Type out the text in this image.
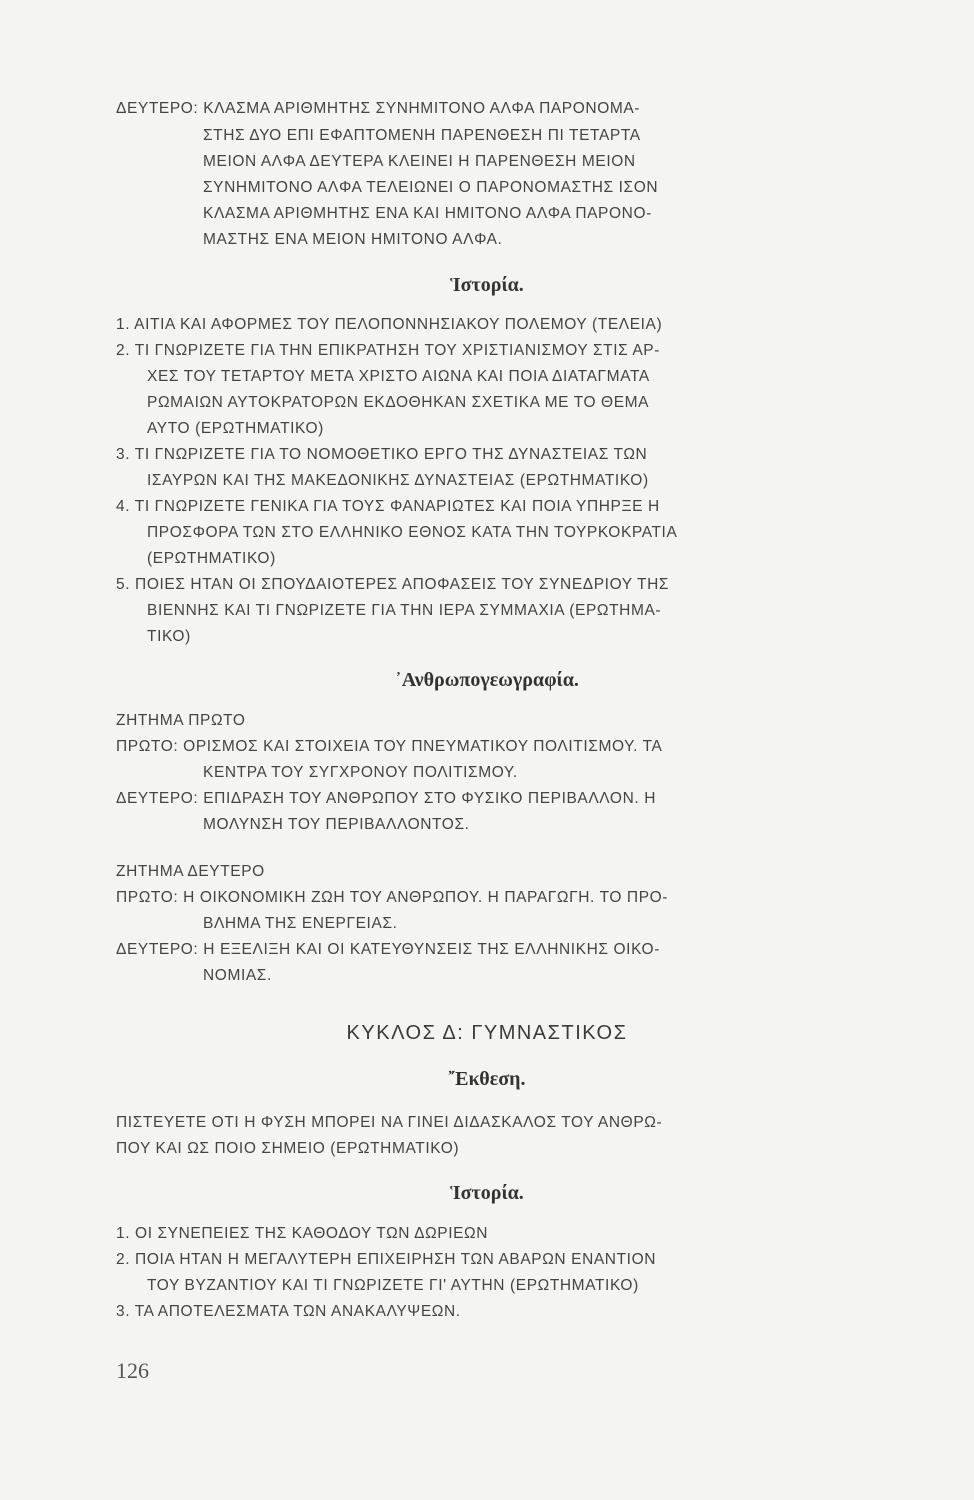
ΔΕΥΤΕΡΟ: ΚΛΑΣΜΑ ΑΡΙΘΜΗΤΗΣ ΣΥΝΗΜΙΤΟΝΟ ΑΛΦΑ ΠΑΡΟΝΟΜΑ-
ΣΤΗΣ ΔΥΟ ΕΠΙ ΕΦΑΠΤΟΜΕΝΗ ΠΑΡΕΝΘΕΣΗ ΠΙ ΤΕΤΑΡΤΑ
ΜΕΙΟΝ ΑΛΦΑ ΔΕΥΤΕΡΑ ΚΛΕΙΝΕΙ Η ΠΑΡΕΝΘΕΣΗ ΜΕΙΟΝ
ΣΥΝΗΜΙΤΟΝΟ ΑΛΦΑ ΤΕΛΕΙΩΝΕΙ Ο ΠΑΡΟΝΟΜΑΣΤΗΣ ΙΣΟΝ
ΚΛΑΣΜΑ ΑΡΙΘΜΗΤΗΣ ΕΝΑ ΚΑΙ ΗΜΙΤΟΝΟ ΑΛΦΑ ΠΑΡΟΝΟ-
ΜΑΣΤΗΣ ΕΝΑ ΜΕΙΟΝ ΗΜΙΤΟΝΟ ΑΛΦΑ.
Ἱστορία.
1. ΑΙΤΙΑ ΚΑΙ ΑΦΟΡΜΕΣ ΤΟΥ ΠΕΛΟΠΟΝΝΗΣΙΑΚΟΥ ΠΟΛΕΜΟΥ (ΤΕΛΕΙΑ)
2. ΤΙ ΓΝΩΡΙΖΕΤΕ ΓΙΑ ΤΗΝ ΕΠΙΚΡΑΤΗΣΗ ΤΟΥ ΧΡΙΣΤΙΑΝΙΣΜΟΥ ΣΤΙΣ ΑΡ-
ΧΕΣ ΤΟΥ ΤΕΤΑΡΤΟΥ ΜΕΤΑ ΧΡΙΣΤΟ ΑΙΩΝΑ ΚΑΙ ΠΟΙΑ ΔΙΑΤΑΓΜΑΤΑ
ΡΩΜΑΙΩΝ ΑΥΤΟΚΡΑΤΟΡΩΝ ΕΚΔΟΘΗΚΑΝ ΣΧΕΤΙΚΑ ΜΕ ΤΟ ΘΕΜΑ
ΑΥΤΟ (ΕΡΩΤΗΜΑΤΙΚΟ)
3. ΤΙ ΓΝΩΡΙΖΕΤΕ ΓΙΑ ΤΟ ΝΟΜΟΘΕΤΙΚΟ ΕΡΓΟ ΤΗΣ ΔΥΝΑΣΤΕΙΑΣ ΤΩΝ
ΙΣΑΥΡΩΝ ΚΑΙ ΤΗΣ ΜΑΚΕΔΟΝΙΚΗΣ ΔΥΝΑΣΤΕΙΑΣ (ΕΡΩΤΗΜΑΤΙΚΟ)
4. ΤΙ ΓΝΩΡΙΖΕΤΕ ΓΕΝΙΚΑ ΓΙΑ ΤΟΥΣ ΦΑΝΑΡΙΩΤΕΣ ΚΑΙ ΠΟΙΑ ΥΠΗΡΞΕ Η
ΠΡΟΣΦΟΡΑ ΤΩΝ ΣΤΟ ΕΛΛΗΝΙΚΟ ΕΘΝΟΣ ΚΑΤΑ ΤΗΝ ΤΟΥΡΚΟΚΡΑΤΙΑ
(ΕΡΩΤΗΜΑΤΙΚΟ)
5. ΠΟΙΕΣ ΗΤΑΝ ΟΙ ΣΠΟΥΔΑΙΟΤΕΡΕΣ ΑΠΟΦΑΣΕΙΣ ΤΟΥ ΣΥΝΕΔΡΙΟΥ ΤΗΣ
ΒΙΕΝΝΗΣ ΚΑΙ ΤΙ ΓΝΩΡΙΖΕΤΕ ΓΙΑ ΤΗΝ ΙΕΡΑ ΣΥΜΜΑΧΙΑ (ΕΡΩΤΗΜΑ-
ΤΙΚΟ)
᾿Ανθρωπογεωγραφία.
ΖΗΤΗΜΑ ΠΡΩΤΟ
ΠΡΩΤΟ: ΟΡΙΣΜΟΣ ΚΑΙ ΣΤΟΙΧΕΙΑ ΤΟΥ ΠΝΕΥΜΑΤΙΚΟΥ ΠΟΛΙΤΙΣΜΟΥ. ΤΑ
ΚΕΝΤΡΑ ΤΟΥ ΣΥΓΧΡΟΝΟΥ ΠΟΛΙΤΙΣΜΟΥ.
ΔΕΥΤΕΡΟ: ΕΠΙΔΡΑΣΗ ΤΟΥ ΑΝΘΡΩΠΟΥ ΣΤΟ ΦΥΣΙΚΟ ΠΕΡΙΒΑΛΛΟΝ. Η
ΜΟΛΥΝΣΗ ΤΟΥ ΠΕΡΙΒΑΛΛΟΝΤΟΣ.
ΖΗΤΗΜΑ ΔΕΥΤΕΡΟ
ΠΡΩΤΟ: Η ΟΙΚΟΝΟΜΙΚΗ ΖΩΗ ΤΟΥ ΑΝΘΡΩΠΟΥ. Η ΠΑΡΑΓΩΓΗ. ΤΟ ΠΡΟ-
ΒΛΗΜΑ ΤΗΣ ΕΝΕΡΓΕΙΑΣ.
ΔΕΥΤΕΡΟ: Η ΕΞΕΛΙΞΗ ΚΑΙ ΟΙ ΚΑΤΕΥΘΥΝΣΕΙΣ ΤΗΣ ΕΛΛΗΝΙΚΗΣ ΟΙΚΟ-
ΝΟΜΙΑΣ.
ΚΥΚΛΟΣ Δ: ΓΥΜΝΑΣΤΙΚΟΣ
῎Εκθεση.
ΠΙΣΤΕΥΕΤΕ ΟΤΙ Η ΦΥΣΗ ΜΠΟΡΕΙ ΝΑ ΓΙΝΕΙ ΔΙΔΑΣΚΑΛΟΣ ΤΟΥ ΑΝΘΡΩ-
ΠΟΥ ΚΑΙ ΩΣ ΠΟΙΟ ΣΗΜΕΙΟ (ΕΡΩΤΗΜΑΤΙΚΟ)
Ἱστορία.
1. ΟΙ ΣΥΝΕΠΕΙΕΣ ΤΗΣ ΚΑΘΟΔΟΥ ΤΩΝ ΔΩΡΙΕΩΝ
2. ΠΟΙΑ ΗΤΑΝ Η ΜΕΓΑΛΥΤΕΡΗ ΕΠΙΧΕΙΡΗΣΗ ΤΩΝ ΑΒΑΡΩΝ ΕΝΑΝΤΙΟΝ
ΤΟΥ ΒΥΖΑΝΤΙΟΥ ΚΑΙ ΤΙ ΓΝΩΡΙΖΕΤΕ ΓΙ' ΑΥΤΗΝ (ΕΡΩΤΗΜΑΤΙΚΟ)
3. ΤΑ ΑΠΟΤΕΛΕΣΜΑΤΑ ΤΩΝ ΑΝΑΚΑΛΥΨΕΩΝ.
126
